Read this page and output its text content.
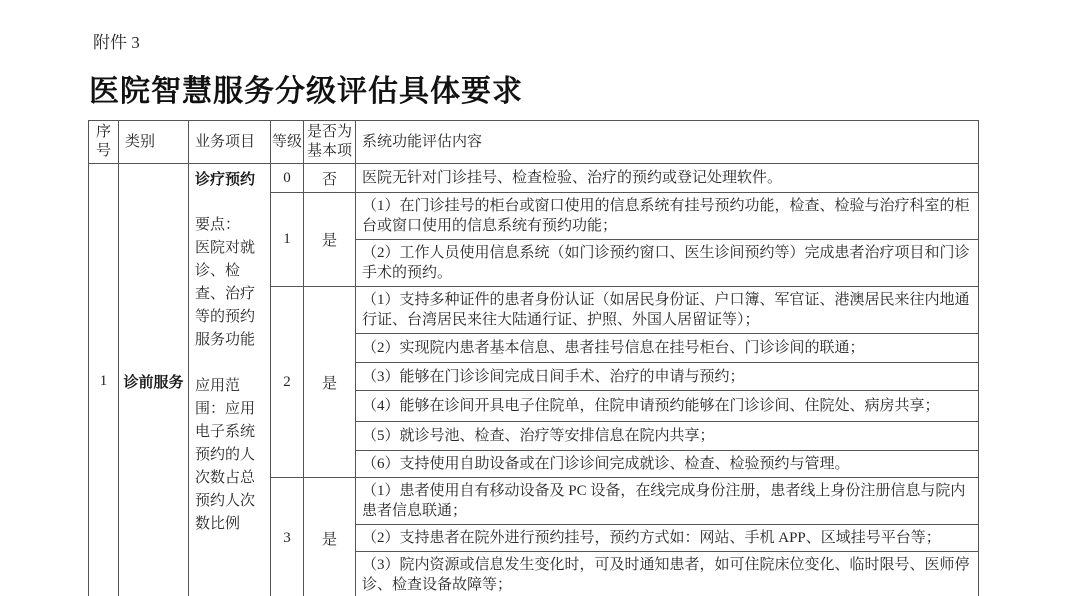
附件 3
医院智慧服务分级评估具体要求
序号	类别	业务项目	等级	是否为基本项	系统功能评估内容
1	诊前服务	诊疗预约
要点：
医院对就诊、检查、治疗等的预约服务功能
应用范围：应用电子系统预约的人次数占总预约人次数比例	0	否	医院无针对门诊挂号、检查检验、治疗的预约或登记处理软件。
			1	是	（1）在门诊挂号的柜台或窗口使用的信息系统有挂号预约功能，检查、检验与治疗科室的柜台或窗口使用的信息系统有预约功能；
					（2）工作人员使用信息系统（如门诊预约窗口、医生诊间预约等）完成患者治疗项目和门诊手术的预约。
			2	是	（1）支持多种证件的患者身份认证（如居民身份证、户口簿、军官证、港澳居民来往内地通行证、台湾居民来往大陆通行证、护照、外国人居留证等）；
					（2）实现院内患者基本信息、患者挂号信息在挂号柜台、门诊诊间的联通；
					（3）能够在门诊诊间完成日间手术、治疗的申请与预约；
					（4）能够在诊间开具电子住院单，住院申请预约能够在门诊诊间、住院处、病房共享；
					（5）就诊号池、检查、治疗等安排信息在院内共享；
					（6）支持使用自助设备或在门诊诊间完成就诊、检查、检验预约与管理。
			3	是	（1）患者使用自有移动设备及 PC 设备，在线完成身份注册，患者线上身份注册信息与院内患者信息联通；
					（2）支持患者在院外进行预约挂号，预约方式如：网站、手机 APP、区域挂号平台等；
					（3）院内资源或信息发生变化时，可及时通知患者，如可住院床位变化、临时限号、医师停诊、检查设备故障等；
